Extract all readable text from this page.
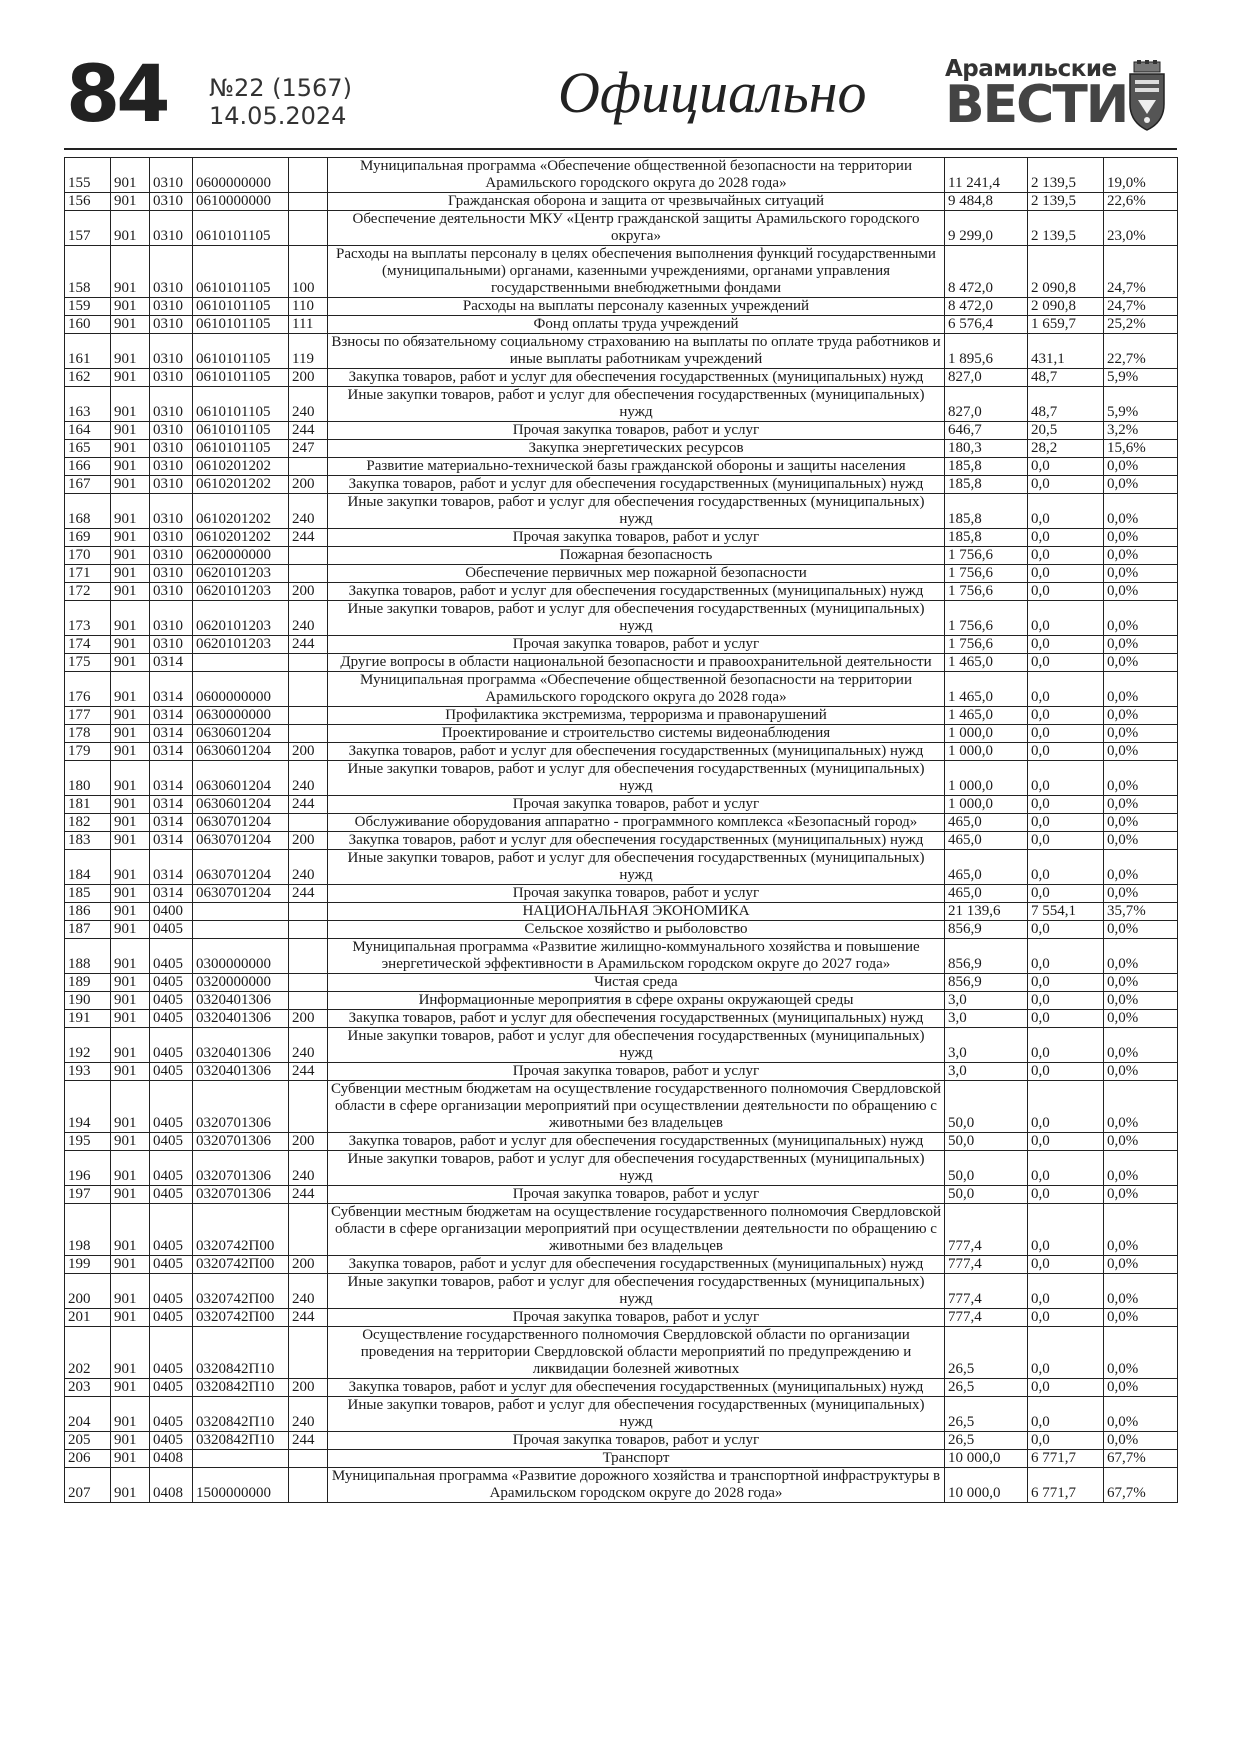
84 №22 (1567)
14.05.2024	Официально	Арамильские
ВЕСТИ
155	901	0310	0600000000		Муниципальная программа «Обеспечение общественной безопасности на территории Арамильского городского округа до 2028 года»	11 241,4	2 139,5	19,0%
156	901	0310	0610000000		Гражданская оборона и защита от чрезвычайных ситуаций	9 484,8	2 139,5	22,6%
157	901	0310	0610101105		Обеспечение деятельности МКУ «Центр гражданской защиты Арамильского городского округа»	9 299,0	2 139,5	23,0%
158	901	0310	0610101105	100	Расходы на выплаты персоналу в целях обеспечения выполнения функций государственными (муниципальными) органами, казенными учреждениями, органами управления государственными внебюджетными фондами	8 472,0	2 090,8	24,7%
159	901	0310	0610101105	110	Расходы на выплаты персоналу казенных учреждений	8 472,0	2 090,8	24,7%
160	901	0310	0610101105	111	Фонд оплаты труда учреждений	6 576,4	1 659,7	25,2%
161	901	0310	0610101105	119	Взносы по обязательному социальному страхованию на выплаты по оплате труда работников и иные выплаты работникам учреждений	1 895,6	431,1	22,7%
162	901	0310	0610101105	200	Закупка товаров, работ и услуг для обеспечения государственных (муниципальных) нужд	827,0	48,7	5,9%
163	901	0310	0610101105	240	Иные закупки товаров, работ и услуг для обеспечения государственных (муниципальных) нужд	827,0	48,7	5,9%
164	901	0310	0610101105	244	Прочая закупка товаров, работ и услуг	646,7	20,5	3,2%
165	901	0310	0610101105	247	Закупка энергетических ресурсов	180,3	28,2	15,6%
166	901	0310	0610201202		Развитие материально-технической базы гражданской обороны и защиты населения	185,8	0,0	0,0%
167	901	0310	0610201202	200	Закупка товаров, работ и услуг для обеспечения государственных (муниципальных) нужд	185,8	0,0	0,0%
168	901	0310	0610201202	240	Иные закупки товаров, работ и услуг для обеспечения государственных (муниципальных) нужд	185,8	0,0	0,0%
169	901	0310	0610201202	244	Прочая закупка товаров, работ и услуг	185,8	0,0	0,0%
170	901	0310	0620000000		Пожарная безопасность	1 756,6	0,0	0,0%
171	901	0310	0620101203		Обеспечение первичных мер пожарной безопасности	1 756,6	0,0	0,0%
172	901	0310	0620101203	200	Закупка товаров, работ и услуг для обеспечения государственных (муниципальных) нужд	1 756,6	0,0	0,0%
173	901	0310	0620101203	240	Иные закупки товаров, работ и услуг для обеспечения государственных (муниципальных) нужд	1 756,6	0,0	0,0%
174	901	0310	0620101203	244	Прочая закупка товаров, работ и услуг	1 756,6	0,0	0,0%
175	901	0314			Другие вопросы в области национальной безопасности и правоохранительной деятельности	1 465,0	0,0	0,0%
176	901	0314	0600000000		Муниципальная программа «Обеспечение общественной безопасности на территории Арамильского городского округа до 2028 года»	1 465,0	0,0	0,0%
177	901	0314	0630000000		Профилактика экстремизма, терроризма и правонарушений	1 465,0	0,0	0,0%
178	901	0314	0630601204		Проектирование и строительство системы видеонаблюдения	1 000,0	0,0	0,0%
179	901	0314	0630601204	200	Закупка товаров, работ и услуг для обеспечения государственных (муниципальных) нужд	1 000,0	0,0	0,0%
180	901	0314	0630601204	240	Иные закупки товаров, работ и услуг для обеспечения государственных (муниципальных) нужд	1 000,0	0,0	0,0%
181	901	0314	0630601204	244	Прочая закупка товаров, работ и услуг	1 000,0	0,0	0,0%
182	901	0314	0630701204		Обслуживание оборудования аппаратно - программного комплекса «Безопасный город»	465,0	0,0	0,0%
183	901	0314	0630701204	200	Закупка товаров, работ и услуг для обеспечения государственных (муниципальных) нужд	465,0	0,0	0,0%
184	901	0314	0630701204	240	Иные закупки товаров, работ и услуг для обеспечения государственных (муниципальных) нужд	465,0	0,0	0,0%
185	901	0314	0630701204	244	Прочая закупка товаров, работ и услуг	465,0	0,0	0,0%
186	901	0400			НАЦИОНАЛЬНАЯ ЭКОНОМИКА	21 139,6	7 554,1	35,7%
187	901	0405			Сельское хозяйство и рыболовство	856,9	0,0	0,0%
188	901	0405	0300000000		Муниципальная программа «Развитие жилищно-коммунального хозяйства и повышение энергетической эффективности в Арамильском городском округе до 2027 года»	856,9	0,0	0,0%
189	901	0405	0320000000		Чистая среда	856,9	0,0	0,0%
190	901	0405	0320401306		Информационные мероприятия в сфере охраны окружающей среды	3,0	0,0	0,0%
191	901	0405	0320401306	200	Закупка товаров, работ и услуг для обеспечения государственных (муниципальных) нужд	3,0	0,0	0,0%
192	901	0405	0320401306	240	Иные закупки товаров, работ и услуг для обеспечения государственных (муниципальных) нужд	3,0	0,0	0,0%
193	901	0405	0320401306	244	Прочая закупка товаров, работ и услуг	3,0	0,0	0,0%
194	901	0405	0320701306		Субвенции местным бюджетам на осуществление государственного полномочия Свердловской области в сфере организации мероприятий при осуществлении деятельности по обращению с животными без владельцев	50,0	0,0	0,0%
195	901	0405	0320701306	200	Закупка товаров, работ и услуг для обеспечения государственных (муниципальных) нужд	50,0	0,0	0,0%
196	901	0405	0320701306	240	Иные закупки товаров, работ и услуг для обеспечения государственных (муниципальных) нужд	50,0	0,0	0,0%
197	901	0405	0320701306	244	Прочая закупка товаров, работ и услуг	50,0	0,0	0,0%
198	901	0405	0320742П00		Субвенции местным бюджетам на осуществление государственного полномочия Свердловской области в сфере организации мероприятий при осуществлении деятельности по обращению с животными без владельцев	777,4	0,0	0,0%
199	901	0405	0320742П00	200	Закупка товаров, работ и услуг для обеспечения государственных (муниципальных) нужд	777,4	0,0	0,0%
200	901	0405	0320742П00	240	Иные закупки товаров, работ и услуг для обеспечения государственных (муниципальных) нужд	777,4	0,0	0,0%
201	901	0405	0320742П00	244	Прочая закупка товаров, работ и услуг	777,4	0,0	0,0%
202	901	0405	0320842П10		Осуществление государственного полномочия Свердловской области по организации проведения на территории Свердловской области мероприятий по предупреждению и ликвидации болезней животных	26,5	0,0	0,0%
203	901	0405	0320842П10	200	Закупка товаров, работ и услуг для обеспечения государственных (муниципальных) нужд	26,5	0,0	0,0%
204	901	0405	0320842П10	240	Иные закупки товаров, работ и услуг для обеспечения государственных (муниципальных) нужд	26,5	0,0	0,0%
205	901	0405	0320842П10	244	Прочая закупка товаров, работ и услуг	26,5	0,0	0,0%
206	901	0408			Транспорт	10 000,0	6 771,7	67,7%
207	901	0408	1500000000		Муниципальная программа «Развитие дорожного хозяйства и транспортной инфраструктуры в Арамильском городском округе до 2028 года»	10 000,0	6 771,7	67,7%
